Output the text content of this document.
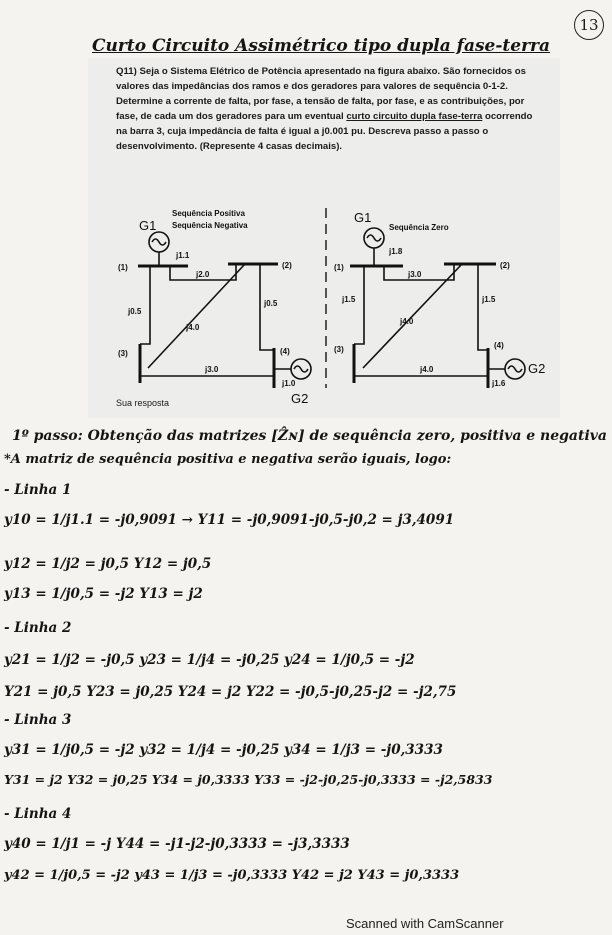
13
Curto Circuito Assimétrico tipo dupla fase-terra
Q11) Seja o Sistema Elétrico de Potência apresentado na figura abaixo. São fornecidos os valores das impedâncias dos ramos e dos geradores para valores de sequência 0-1-2. Determine a corrente de falta, por fase, a tensão de falta, por fase, e as contribuições, por fase, de cada um dos geradores para um eventual curto circuito dupla fase-terra ocorrendo na barra 3, cuja impedância de falta é igual a j0.001 pu. Descreva passo a passo o desenvolvimento. (Represente 4 casas decimais).
Sequência Positiva
Sequência Negativa
G1
j1.1
(1)	(2)
j2.0
j0.5
j0.5
j4.0
(3)	(4)
j3.0
j1.0
G2
Sequência Zero
G1
j1.8
(1)	(2)
j3.0
j1.5	j1.5
j4.0
(3)	(4)
j4.0
j1.6
G2
Sua resposta
1º passo: Obtenção das matrizes [Ẑɴ] de sequência zero, positiva e negativa
*A matriz de sequência positiva e negativa serão iguais, logo:
- Linha 1
y10 = 1/j1.1 = -j0,9091 → Y11 = -j0,9091-j0,5-j0,2 = j3,4091
y12 = 1/j2 = j0,5 Y12 = j0,5
y13 = 1/j0,5 = -j2 Y13 = j2
- Linha 2
y21 = 1/j2 = -j0,5 y23 = 1/j4 = -j0,25 y24 = 1/j0,5 = -j2
Y21 = j0,5 Y23 = j0,25 Y24 = j2 Y22 = -j0,5-j0,25-j2 = -j2,75
- Linha 3
y31 = 1/j0,5 = -j2 y32 = 1/j4 = -j0,25 y34 = 1/j3 = -j0,3333
Y31 = j2 Y32 = j0,25 Y34 = j0,3333 Y33 = -j2-j0,25-j0,3333 = -j2,5833
- Linha 4
y40 = 1/j1 = -j Y44 = -j1-j2-j0,3333 = -j3,3333
y42 = 1/j0,5 = -j2 y43 = 1/j3 = -j0,3333 Y42 = j2 Y43 = j0,3333
Scanned with CamScanner
